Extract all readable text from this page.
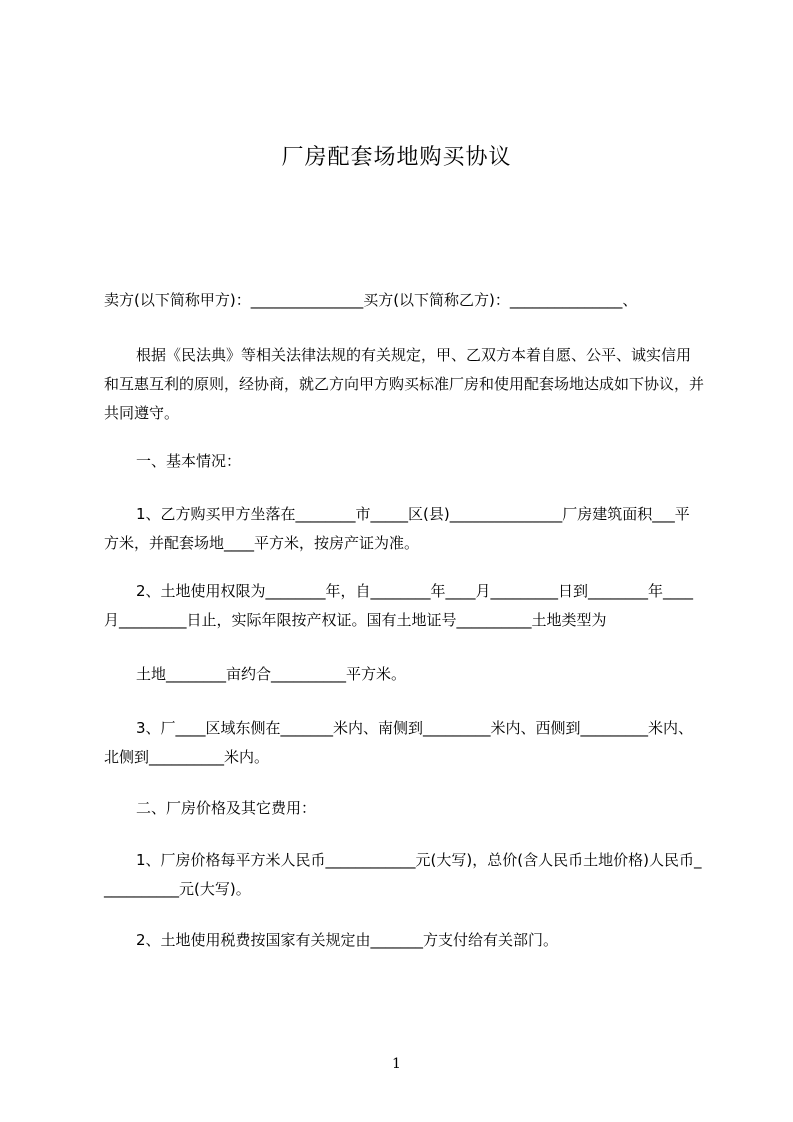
厂房配套场地购买协议

卖方(以下简称甲方)：_______________买方(以下简称乙方)：_______________、

根据《民法典》等相关法律法规的有关规定，甲、乙双方本着自愿、公平、诚实信用和互惠互利的原则，经协商，就乙方向甲方购买标准厂房和使用配套场地达成如下协议，并共同遵守。

一、基本情况：

1、乙方购买甲方坐落在________市_____区(县)_______________厂房建筑面积___平方米，并配套场地____平方米，按房产证为准。

2、土地使用权限为________年，自________年____月_________日到________年____月_________日止，实际年限按产权证。国有土地证号__________土地类型为

土地________亩约合__________平方米。

3、厂____区域东侧在_______米内、南侧到_________米内、西侧到_________米内、北侧到__________米内。

二、厂房价格及其它费用：

1、厂房价格每平方米人民币____________元(大写)，总价(含人民币土地价格)人民币___________元(大写)。

2、土地使用税费按国家有关规定由_______方支付给有关部门。

1
